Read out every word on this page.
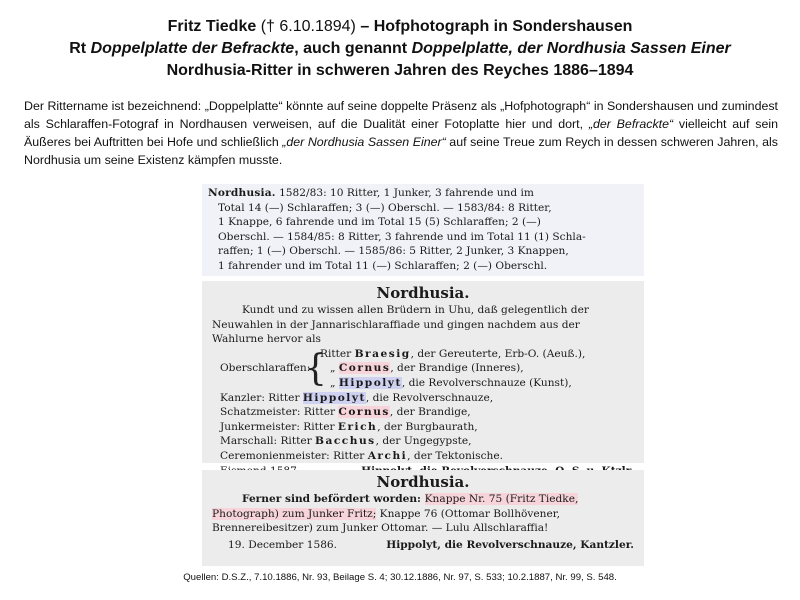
Fritz Tiedke († 6.10.1894) – Hofphotograph in Sondershausen
Rt Doppelplatte der Befrackte, auch genannt Doppelplatte, der Nordhusia Sassen Einer
Nordhusia-Ritter in schweren Jahren des Reyches 1886–1894
Der Rittername ist bezeichnend: „Doppelplatte“ könnte auf seine doppelte Präsenz als „Hofphotograph“ in Sondershausen und zumindest als Schlaraffen-Fotograf in Nordhausen verweisen, auf die Dualität einer Fotoplatte hier und dort, „der Befrackte“ vielleicht auf sein Äußeres bei Auftritten bei Hofe und schließlich „der Nordhusia Sassen Einer“ auf seine Treue zum Reych in dessen schweren Jahren, als Nordhusia um seine Existenz kämpfen musste.
Nordhusia. 1582/83: 10 Ritter, 1 Junker, 3 fahrende und im
Total 14 (—) Schlaraffen; 3 (—) Oberschl. — 1583/84: 8 Ritter,
1 Knappe, 6 fahrende und im Total 15 (5) Schlaraffen; 2 (—)
Oberschl. — 1584/85: 8 Ritter, 3 fahrende und im Total 11 (1) Schla-
raffen; 1 (—) Oberschl. — 1585/86: 5 Ritter, 2 Junker, 3 Knappen,
1 fahrender und im Total 11 (—) Schlaraffen; 2 (—) Oberschl.
Nordhusia.
Kundt und zu wissen allen Brüdern in Uhu, daß gelegentlich der
Neuwahlen in der Jannarischlaraffiade und gingen nachdem aus der
Wahlurne hervor als
Oberschlaraffen:
{
Ritter Braesig, der Gereuterte, Erb-O. (Aeuß.),
„ Cornus, der Brandige (Inneres),
„ Hippolyt, die Revolverschnauze (Kunst),
Kanzler: Ritter Hippolyt, die Revolverschnauze,
Schatzmeister: Ritter Cornus, der Brandige,
Junkermeister: Ritter Erich, der Burgbaurath,
Marschall: Ritter Bacchus, der Ungegypste,
Ceremonienmeister: Ritter Archi, der Tektonische.
Nordhusia.
Ferner sind befördert worden: Knappe Nr. 75 (Fritz Tiedke,
Photograph) zum Junker Fritz; Knappe 76 (Ottomar Bollhövener,
Brennereibesitzer) zum Junker Ottomar. — Lulu Allschlaraffia!
19. December 1586.	Hippolyt, die Revolverschnauze, Kantzler.
Quellen: D.S.Z., 7.10.1886, Nr. 93, Beilage S. 4; 30.12.1886, Nr. 97, S. 533; 10.2.1887, Nr. 99, S. 548.
